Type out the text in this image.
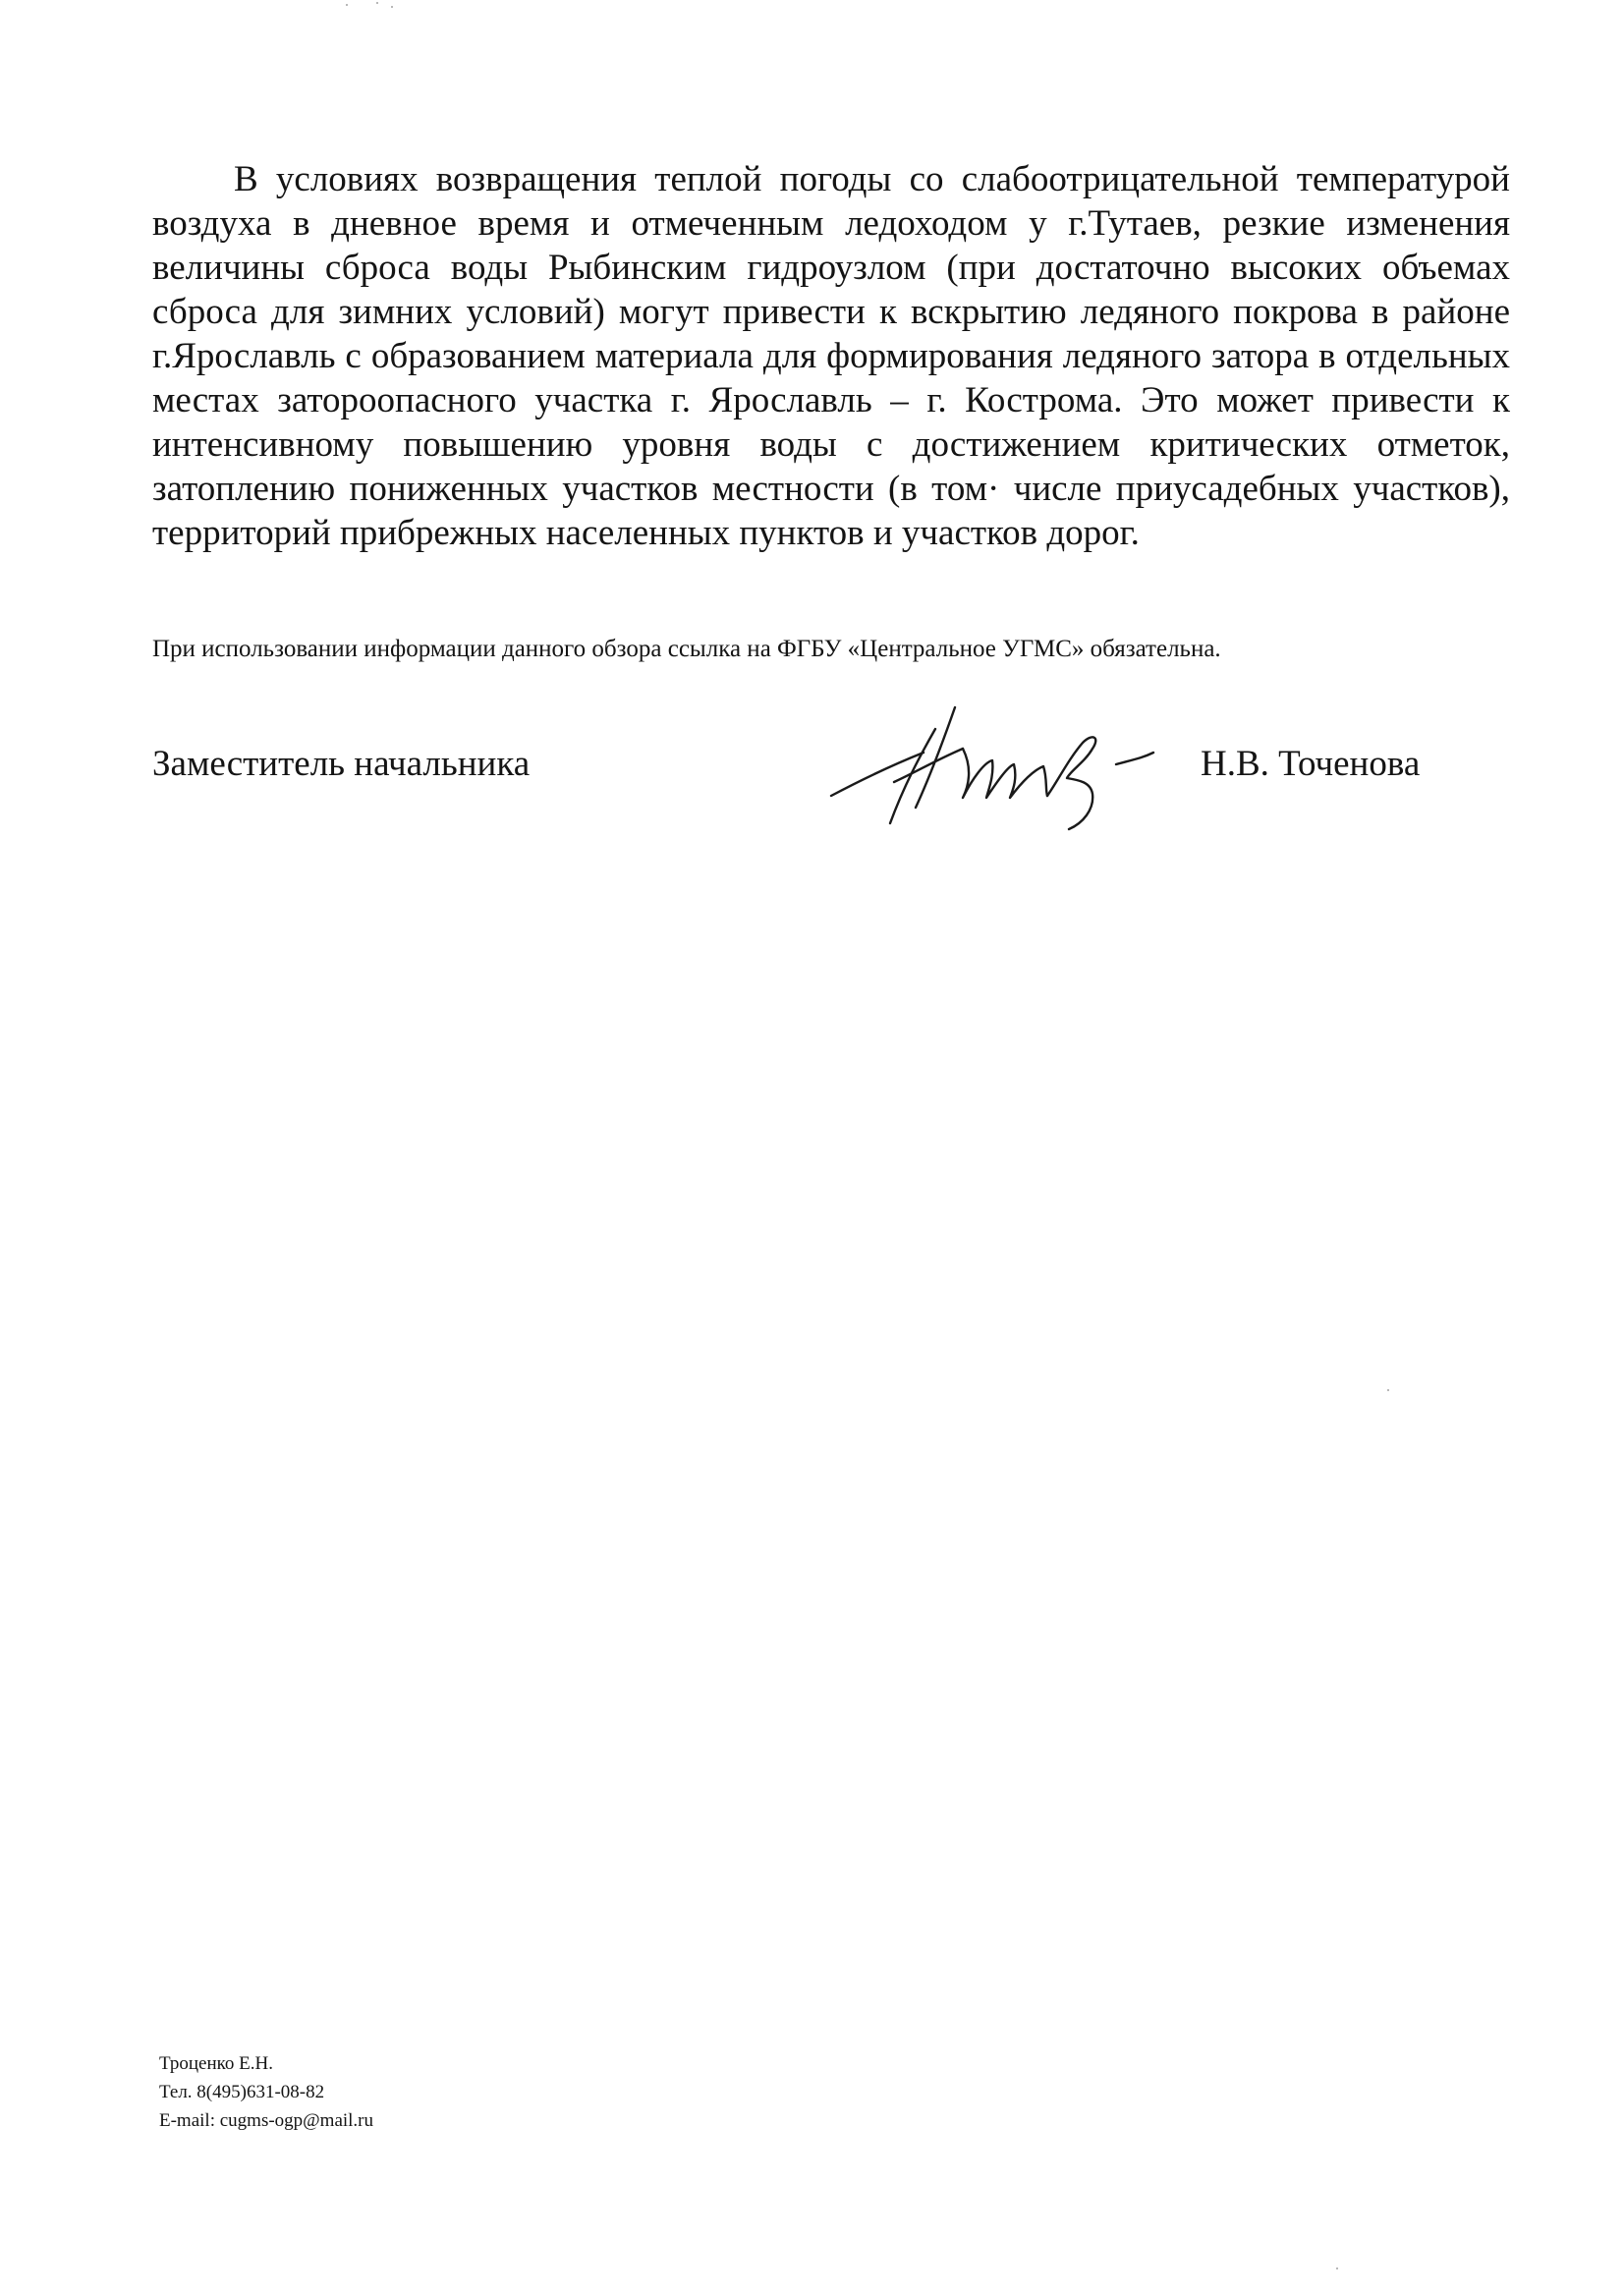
В условиях возвращения теплой погоды со слабоотрицательной температурой воздуха в дневное время и отмеченным ледоходом у г.Тутаев, резкие изменения величины сброса воды Рыбинским гидроузлом (при достаточно высоких объемах сброса для зимних условий) могут привести к вскрытию ледяного покрова в районе г.Ярославль с образованием материала для формирования ледяного затора в отдельных местах затороопасного участка г. Ярославль – г. Кострома. Это может привести к интенсивному повышению уровня воды с достижением критических отметок, затоплению пониженных участков местности (в том· числе приусадебных участков), территорий прибрежных населенных пунктов и участков дорог.

При использовании информации данного обзора ссылка на ФГБУ «Центральное УГМС» обязательна.

Заместитель начальника	Н.В. Точенова

Троценко Е.Н.
Тел. 8(495)631-08-82
E-mail: cugms-ogp@mail.ru
